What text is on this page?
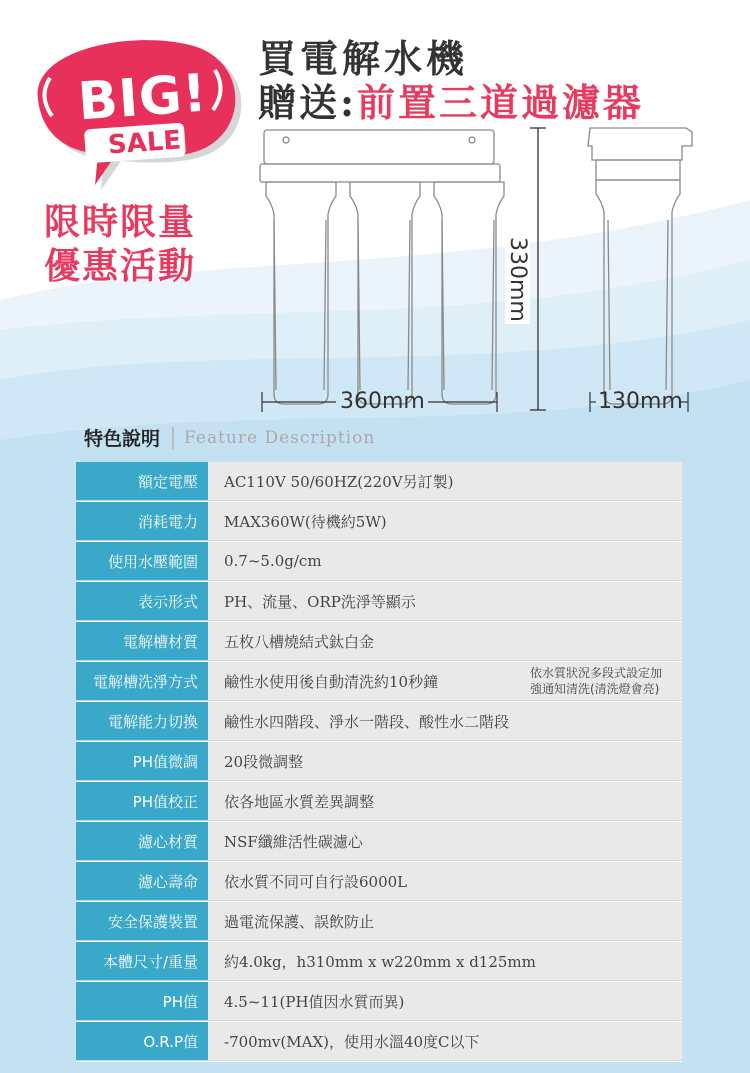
BIG!
SALE
限時限量
優惠活動
買電解水機
贈送:前置三道過濾器
330mm
360mm	130mm
特色說明 Feature Description
額定電壓	AC110V 50/60HZ(220V另訂製)
消耗電力	MAX360W(待機約5W)
使用水壓範圍	0.7~5.0g/cm
表示形式	PH、流量、ORP洗淨等顯示
電解槽材質	五枚八槽燒結式鈦白金
電解槽洗淨方式	鹼性水使用後自動清洗約10秒鐘	依水質狀況多段式設定加
強通知清洗(清洗燈會亮)
電解能力切換	鹼性水四階段、淨水一階段、酸性水二階段
PH值微調	20段微調整
PH值校正	依各地區水質差異調整
濾心材質	NSF纖維活性碳濾心
濾心壽命	依水質不同可自行設6000L
安全保護裝置	過電流保護、誤飲防止
本體尺寸/重量	約4.0kg，h310mm x w220mm x d125mm
PH值	4.5~11(PH值因水質而異)
O.R.P值	-700mv(MAX)，使用水溫40度C以下
